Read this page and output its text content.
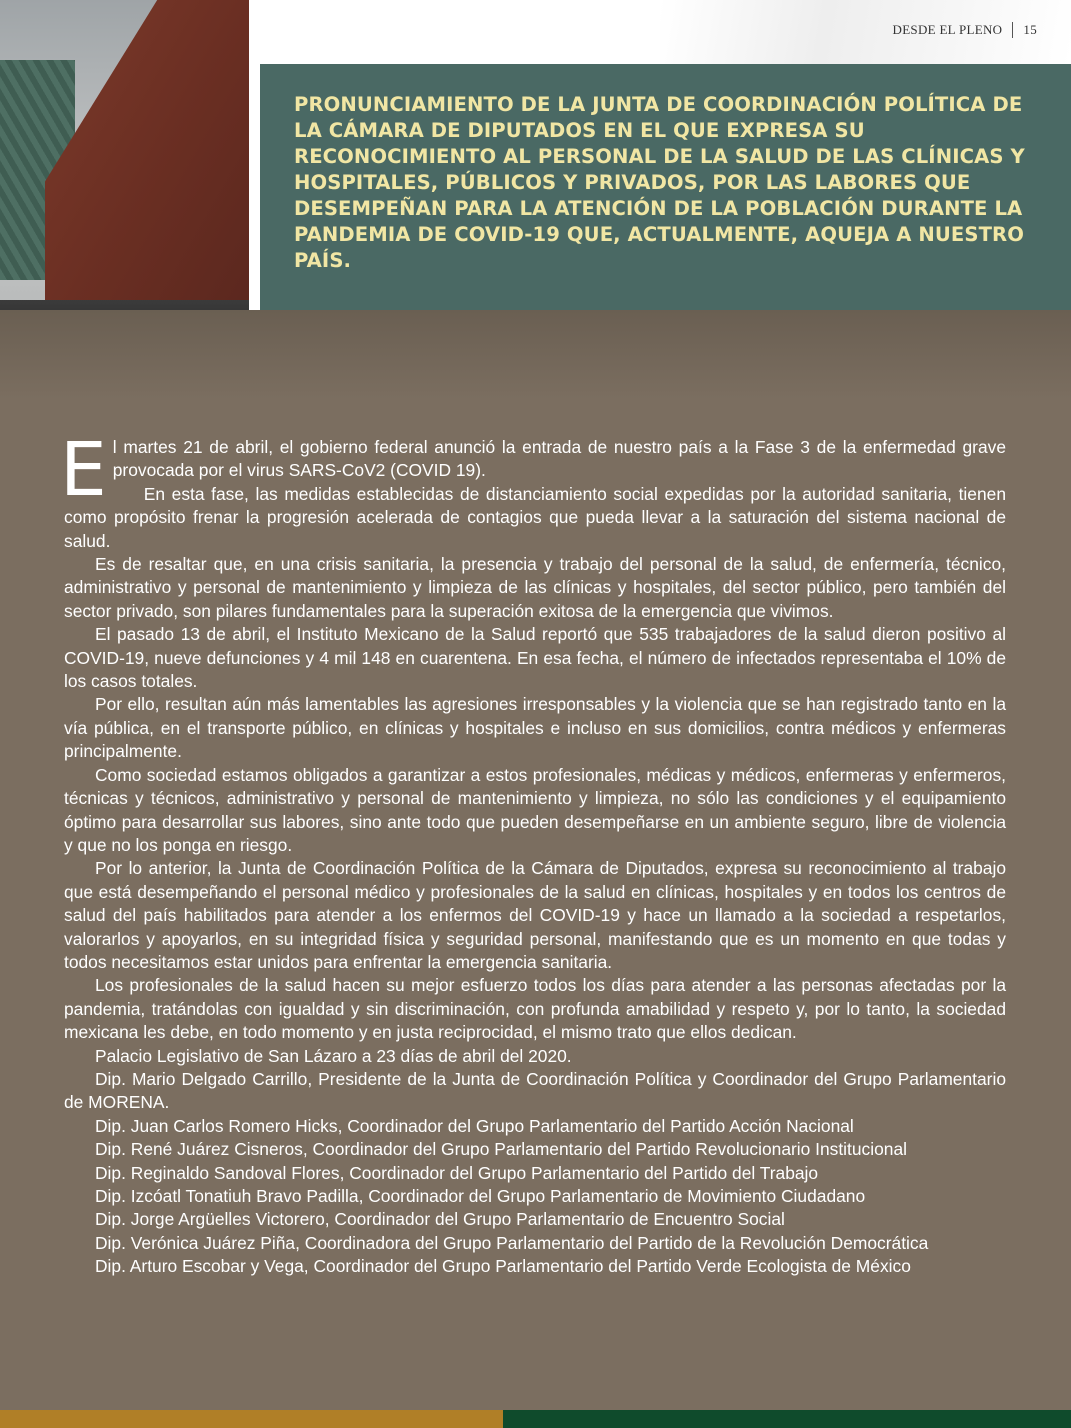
DESDE EL PLENO 15
PRONUNCIAMIENTO DE LA JUNTA DE COORDINACIÓN POLÍTICA DE LA CÁMARA DE DIPUTADOS EN EL QUE EXPRESA SU RECONOCIMIENTO AL PERSONAL DE LA SALUD DE LAS CLÍNICAS Y HOSPITALES, PÚBLICOS Y PRIVADOS, POR LAS LABORES QUE DESEMPEÑAN PARA LA ATENCIÓN DE LA POBLACIÓN DURANTE LA PANDEMIA DE COVID-19 QUE, ACTUALMENTE, AQUEJA A NUESTRO PAÍS.
E l martes 21 de abril, el gobierno federal anunció la entrada de nuestro país a la Fase 3 de la enfermedad grave provocada por el virus SARS-CoV2 (COVID 19).
En esta fase, las medidas establecidas de distanciamiento social expedidas por la autoridad sanitaria, tienen como propósito frenar la progresión acelerada de contagios que pueda llevar a la saturación del sistema nacional de salud.

Es de resaltar que, en una crisis sanitaria, la presencia y trabajo del personal de la salud, de enfermería, técnico, administrativo y personal de mantenimiento y limpieza de las clínicas y hospitales, del sector público, pero también del sector privado, son pilares fundamentales para la superación exitosa de la emergencia que vivimos.

El pasado 13 de abril, el Instituto Mexicano de la Salud reportó que 535 trabajadores de la salud dieron positivo al COVID-19, nueve defunciones y 4 mil 148 en cuarentena. En esa fecha, el número de infectados representaba el 10% de los casos totales.

Por ello, resultan aún más lamentables las agresiones irresponsables y la violencia que se han registrado tanto en la vía pública, en el transporte público, en clínicas y hospitales e incluso en sus domicilios, contra médicos y enfermeras principalmente.

Como sociedad estamos obligados a garantizar a estos profesionales, médicas y médicos, enfermeras y enfermeros, técnicas y técnicos, administrativo y personal de mantenimiento y limpieza, no sólo las condiciones y el equipamiento óptimo para desarrollar sus labores, sino ante todo que pueden desempeñarse en un ambiente seguro, libre de violencia y que no los ponga en riesgo.

Por lo anterior, la Junta de Coordinación Política de la Cámara de Diputados, expresa su reconocimiento al trabajo que está desempeñando el personal médico y profesionales de la salud en clínicas, hospitales y en todos los centros de salud del país habilitados para atender a los enfermos del COVID-19 y hace un llamado a la sociedad a respetarlos, valorarlos y apoyarlos, en su integridad física y seguridad personal, manifestando que es un momento en que todas y todos necesitamos estar unidos para enfrentar la emergencia sanitaria.

Los profesionales de la salud hacen su mejor esfuerzo todos los días para atender a las personas afectadas por la pandemia, tratándolas con igualdad y sin discriminación, con profunda amabilidad y respeto y, por lo tanto, la sociedad mexicana les debe, en todo momento y en justa reciprocidad, el mismo trato que ellos dedican.

Palacio Legislativo de San Lázaro a 23 días de abril del 2020.

Dip. Mario Delgado Carrillo, Presidente de la Junta de Coordinación Política y Coordinador del Grupo Parlamentario de MORENA.

Dip. Juan Carlos Romero Hicks, Coordinador del Grupo Parlamentario del Partido Acción Nacional

Dip. René Juárez Cisneros, Coordinador del Grupo Parlamentario del Partido Revolucionario Institucional

Dip. Reginaldo Sandoval Flores, Coordinador del Grupo Parlamentario del Partido del Trabajo

Dip. Izcóatl Tonatiuh Bravo Padilla, Coordinador del Grupo Parlamentario de Movimiento Ciudadano

Dip. Jorge Argüelles Victorero, Coordinador del Grupo Parlamentario de Encuentro Social

Dip. Verónica Juárez Piña, Coordinadora del Grupo Parlamentario del Partido de la Revolución Democrática

Dip. Arturo Escobar y Vega, Coordinador del Grupo Parlamentario del Partido Verde Ecologista de México
